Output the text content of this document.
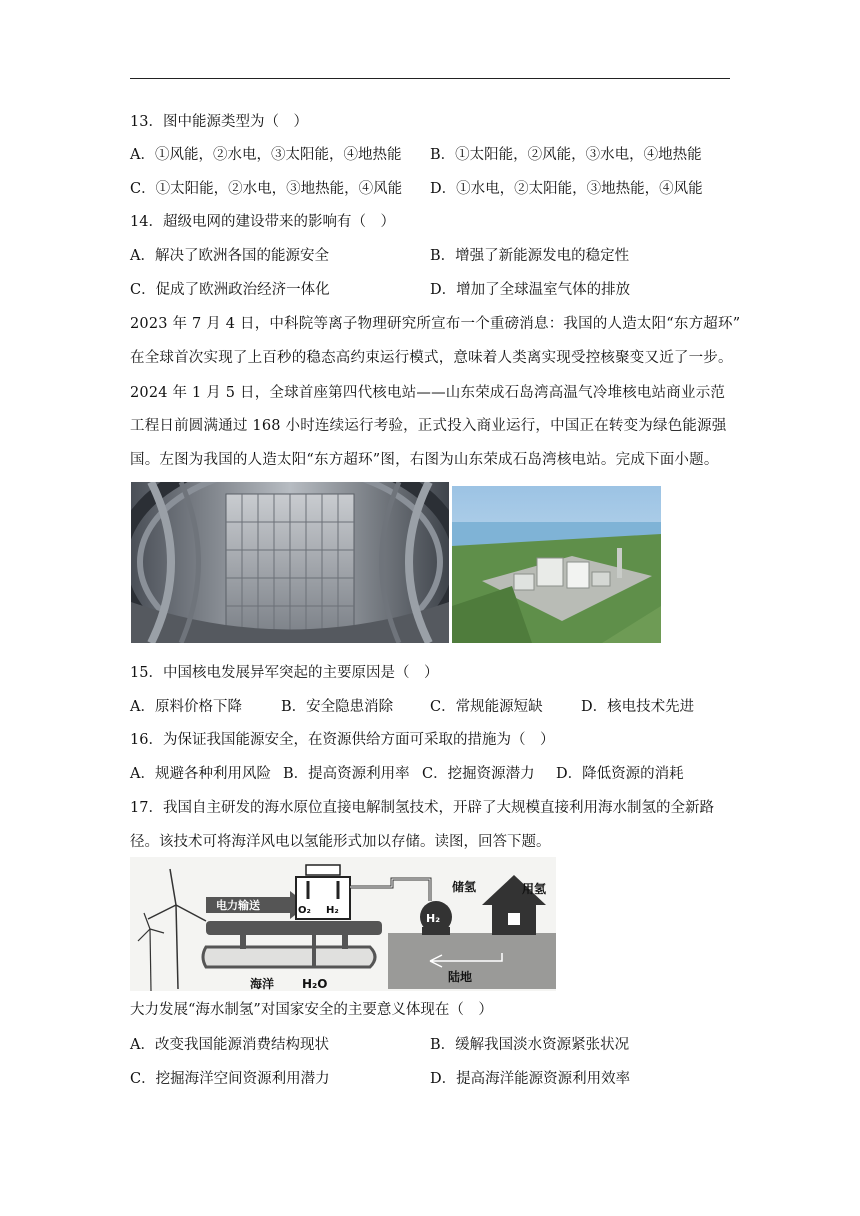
13．图中能源类型为（　）
A．①风能，②水电，③太阳能，④地热能 B．①太阳能，②风能，③水电，④地热能
C．①太阳能，②水电，③地热能，④风能 D．①水电，②太阳能，③地热能，④风能
14．超级电网的建设带来的影响有（　）
A．解决了欧洲各国的能源安全	B．增强了新能源发电的稳定性
C．促成了欧洲政治经济一体化	D．增加了全球温室气体的排放
2023 年 7 月 4 日，中科院等离子物理研究所宣布一个重磅消息：我国的人造太阳“东方超环”
在全球首次实现了上百秒的稳态高约束运行模式，意味着人类离实现受控核聚变又近了一步。
2024 年 1 月 5 日，全球首座第四代核电站——山东荣成石岛湾高温气冷堆核电站商业示范
工程日前圆满通过 168 小时连续运行考验，正式投入商业运行，中国正在转变为绿色能源强
国。左图为我国的人造太阳“东方超环”图，右图为山东荣成石岛湾核电站。完成下面小题。
15．中国核电发展异军突起的主要原因是（　）
A．原料价格下降	B．安全隐患消除	C．常规能源短缺	D．核电技术先进
16．为保证我国能源安全，在资源供给方面可采取的措施为（　）
A．规避各种利用风险 B．提高资源利用率 C．挖掘资源潜力 D．降低资源的消耗
17．我国自主研发的海水原位直接电解制氢技术，开辟了大规模直接利用海水制氢的全新路
径。该技术可将海洋风电以氢能形式加以存储。读图，回答下题。
陆地
海洋 H₂O
电力输送	O₂ H₂
H₂
储氢	用氢
大力发展“海水制氢”对国家安全的主要意义体现在（　）
A．改变我国能源消费结构现状	B．缓解我国淡水资源紧张状况
C．挖掘海洋空间资源利用潜力	D．提高海洋能源资源利用效率
